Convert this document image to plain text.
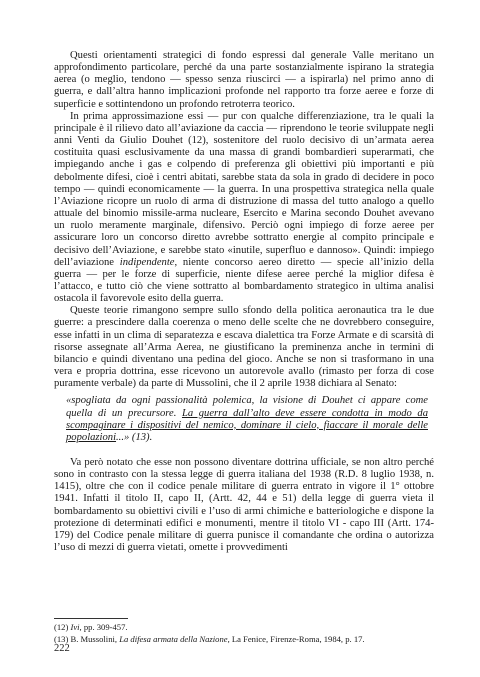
Questi orientamenti strategici di fondo espressi dal generale Valle meritano un approfondimento particolare, perché da una parte sostanzialmente ispirano la strategia aerea (o meglio, tendono — spesso senza riuscirci — a ispirarla) nel primo anno di guerra, e dall’altra hanno implicazioni profonde nel rapporto tra forze aeree e forze di superficie e sottintendono un profondo retroterra teorico.

In prima approssimazione essi — pur con qualche differenziazione, tra le quali la principale è il rilievo dato all’aviazione da caccia — riprendono le teorie sviluppate negli anni Venti da Giulio Douhet (12), sostenitore del ruolo decisivo di un’armata aerea costituita quasi esclusivamente da una massa di grandi bombardieri superarmati, che impiegando anche i gas e colpendo di preferenza gli obiettivi più importanti e più debolmente difesi, cioè i centri abitati, sarebbe stata da sola in grado di decidere in poco tempo — quindi economicamente — la guerra. In una prospettiva strategica nella quale l’Aviazione ricopre un ruolo di arma di distruzione di massa del tutto analogo a quello attuale del binomio missile-arma nucleare, Esercito e Marina secondo Douhet avevano un ruolo meramente marginale, difensivo. Perciò ogni impiego di forze aeree per assicurare loro un concorso diretto avrebbe sottratto energie al compito principale e decisivo dell’Aviazione, e sarebbe stato «inutile, superfluo e dannoso». Quindi: impiego dell’aviazione indipendente, niente concorso aereo diretto — specie all’inizio della guerra — per le forze di superficie, niente difese aeree perché la miglior difesa è l’attacco, e tutto ciò che viene sottratto al bombardamento strategico in ultima analisi ostacola il favorevole esito della guerra.

Queste teorie rimangono sempre sullo sfondo della politica aeronautica tra le due guerre: a prescindere dalla coerenza o meno delle scelte che ne dovrebbero conseguire, esse infatti in un clima di separatezza e escava dialettica tra Forze Armate e di scarsità di risorse assegnate all’Arma Aerea, ne giustificano la preminenza anche in termini di bilancio e quindi diventano una pedina del gioco. Anche se non si trasformano in una vera e propria dottrina, esse ricevono un autorevole avallo (rimasto per forza di cose puramente verbale) da parte di Mussolini, che il 2 aprile 1938 dichiara al Senato:

«spogliata da ogni passionalità polemica, la visione di Douhet ci appare come quella di un precursore. La guerra dall’alto deve essere condotta in modo da scompaginare i dispositivi del nemico, dominare il cielo, fiaccare il morale delle popolazioni...» (13).

Va però notato che esse non possono diventare dottrina ufficiale, se non altro perché sono in contrasto con la stessa legge di guerra italiana del 1938 (R.D. 8 luglio 1938, n. 1415), oltre che con il codice penale militare di guerra entrato in vigore il 1° ottobre 1941. Infatti il titolo II, capo II, (Artt. 42, 44 e 51) della legge di guerra vieta il bombardamento su obiettivi civili e l’uso di armi chimiche e batteriologiche e dispone la protezione di determinati edifici e monumenti, mentre il titolo VI - capo III (Artt. 174-179) del Codice penale militare di guerra punisce il comandante che ordina o autorizza l’uso di mezzi di guerra vietati, omette i provvedimenti

(12) Ivi, pp. 309-457.
(13) B. Mussolini, La difesa armata della Nazione, La Fenice, Firenze-Roma, 1984, p. 17.
222
